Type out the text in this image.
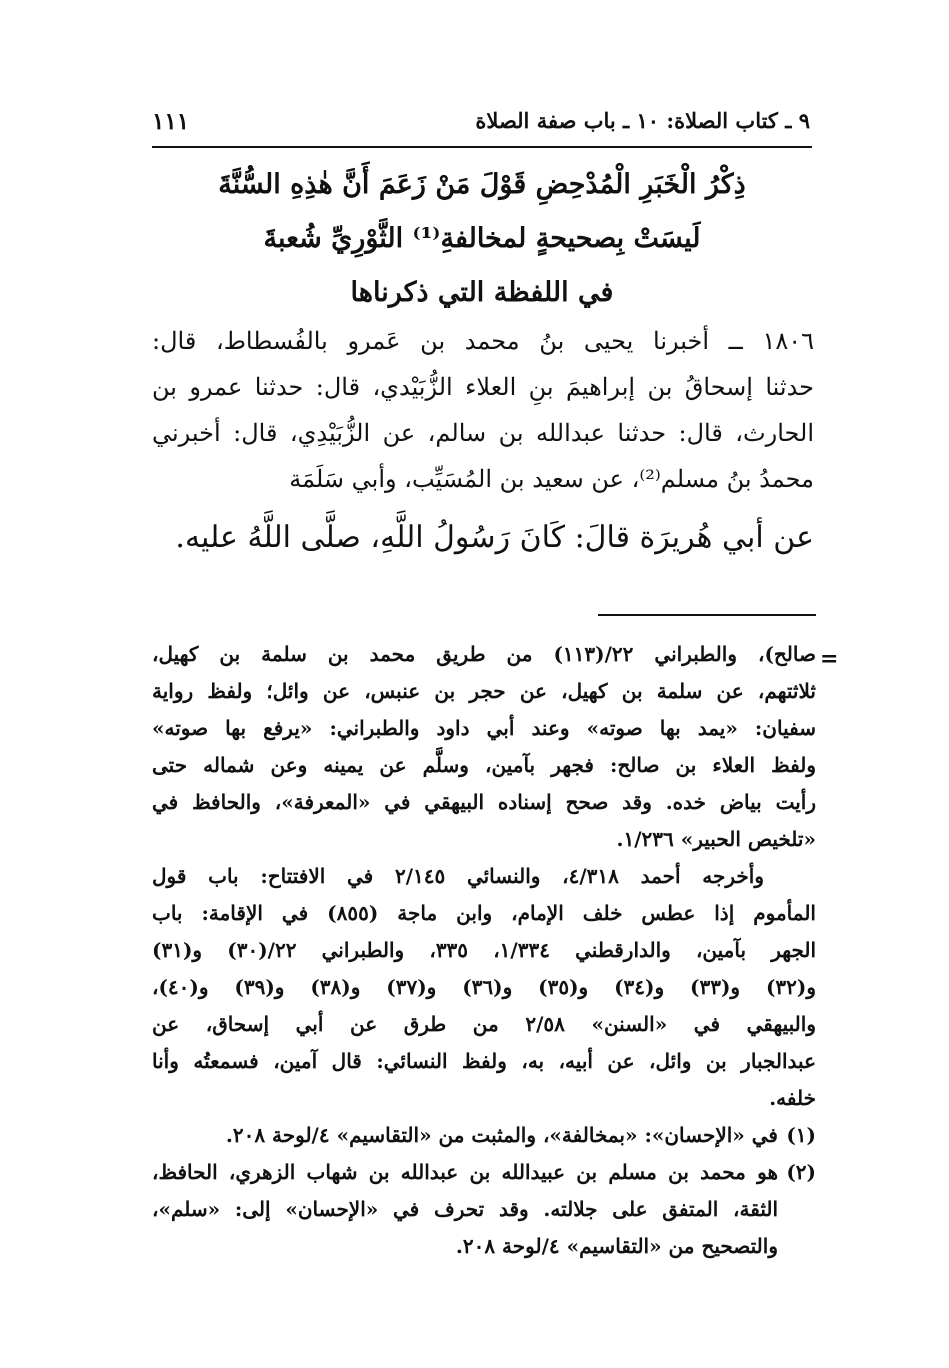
٩ ـ كتاب الصلاة: ١٠ ـ باب صفة الصلاة
١١١
ذِكْرُ الْخَبَرِ الْمُدْحِضِ قَوْلَ مَنْ زَعَمَ أَنَّ هٰذِهِ السُّنَّةَ
لَيسَتْ بِصحيحةٍ لمخالفةِ⁽¹⁾ الثَّوْرِيِّ شُعبةَ
في اللفظة التي ذكرناها

١٨٠٦ ــ أخبرنا يحيى بنُ محمد بن عَمرو بالفُسطاط، قال:

حدثنا إسحاقُ بن إبراهيمَ بنِ العلاء الزُّبَيْدي، قال: حدثنا عمرو بن

الحارث، قال: حدثنا عبدالله بن سالم، عن الزُّبَيْدِي، قال: أخبرني

محمدُ بنُ مسلم⁽²⁾، عن سعيد بن المُسَيِّب، وأبي سَلَمَة

عن أبي هُريرَة قالَ: كَانَ رَسُولُ اللَّهِ، صلَّى اللَّهُ عليه.

=

صالح)، والطبراني ٢٢/(١١٣) من طريق محمد بن سلمة بن كهيل،

ثلاثتهم، عن سلمة بن كهيل، عن حجر بن عنبس، عن وائل؛ ولفظ رواية

سفيان: «يمد بها صوته» وعند أبي داود والطبراني: «يرفع بها صوته»

ولفظ العلاء بن صالح: فجهر بآمين، وسلَّم عن يمينه وعن شماله حتى

رأيت بياض خده. وقد صحح إسناده البيهقي في «المعرفة»، والحافظ في

«تلخيص الحبير» ١/٢٣٦.

وأخرجه أحمد ٤/٣١٨، والنسائي ٢/١٤٥ في الافتتاح: باب قول

المأموم إذا عطس خلف الإمام، وابن ماجة (٨٥٥) في الإقامة: باب

الجهر بآمين، والدارقطني ١/٣٣٤، ٣٣٥، والطبراني ٢٢/(٣٠) و(٣١)

و(٣٢) و(٣٣) و(٣٤) و(٣٥) و(٣٦) و(٣٧) و(٣٨) و(٣٩) و(٤٠)،

والبيهقي في «السنن» ٢/٥٨ من طرق عن أبي إسحاق، عن

عبدالجبار بن وائل، عن أبيه، به، ولفظ النسائي: قال آمين، فسمعتُه وأنا

خلفه.

(١)
في «الإحسان»: «بمخالفة»، والمثبت من «التقاسيم» ٤/لوحة ٢٠٨.
(٢)
هو محمد بن مسلم بن عبيدالله بن عبدالله بن شهاب الزهري، الحافظ،
الثقة، المتفق على جلالته. وقد تحرف في «الإحسان» إلى: «سلم»،
والتصحيح من «التقاسيم» ٤/لوحة ٢٠٨.
